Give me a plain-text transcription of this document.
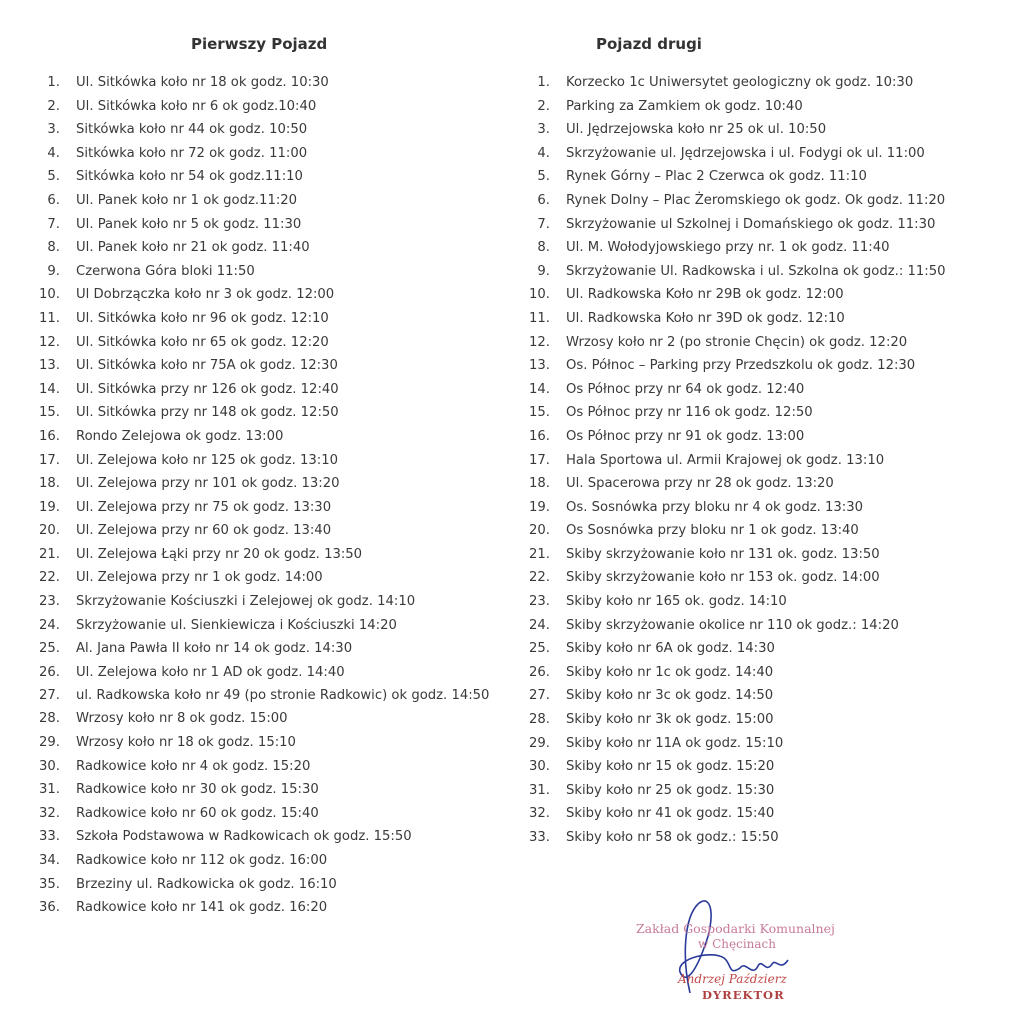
Pierwszy Pojazd
1. Ul. Sitkówka koło nr 18 ok godz. 10:30
2. Ul. Sitkówka koło nr 6 ok godz.10:40
3. Sitkówka koło nr 44 ok godz. 10:50
4. Sitkówka koło nr 72 ok godz. 11:00
5. Sitkówka koło nr 54 ok godz.11:10
6. Ul. Panek koło nr 1 ok godz.11:20
7. Ul. Panek koło nr 5 ok godz. 11:30
8. Ul. Panek koło nr 21 ok godz. 11:40
9. Czerwona Góra bloki 11:50
10. Ul Dobrzączka koło nr 3 ok godz. 12:00
11. Ul. Sitkówka koło nr 96 ok godz. 12:10
12. Ul. Sitkówka koło nr 65 ok godz. 12:20
13. Ul. Sitkówka koło nr 75A ok godz. 12:30
14. Ul. Sitkówka przy nr 126 ok godz. 12:40
15. Ul. Sitkówka przy nr 148 ok godz. 12:50
16. Rondo Zelejowa ok godz. 13:00
17. Ul. Zelejowa koło nr 125 ok godz. 13:10
18. Ul. Zelejowa przy nr 101 ok godz. 13:20
19. Ul. Zelejowa przy nr 75 ok godz. 13:30
20. Ul. Zelejowa przy nr 60 ok godz. 13:40
21. Ul. Zelejowa Łąki przy nr 20 ok godz. 13:50
22. Ul. Zelejowa przy nr 1 ok godz. 14:00
23. Skrzyżowanie Kościuszki i Zelejowej ok godz. 14:10
24. Skrzyżowanie ul. Sienkiewicza i Kościuszki 14:20
25. Al. Jana Pawła II koło nr 14 ok godz. 14:30
26. Ul. Zelejowa koło nr 1 AD ok godz. 14:40
27. ul. Radkowska koło nr 49 (po stronie Radkowic) ok godz. 14:50
28. Wrzosy koło nr 8 ok godz. 15:00
29. Wrzosy koło nr 18 ok godz. 15:10
30. Radkowice koło nr 4 ok godz. 15:20
31. Radkowice koło nr 30 ok godz. 15:30
32. Radkowice koło nr 60 ok godz. 15:40
33. Szkoła Podstawowa w Radkowicach ok godz. 15:50
34. Radkowice koło nr 112 ok godz. 16:00
35. Brzeziny ul. Radkowicka ok godz. 16:10
36. Radkowice koło nr 141 ok godz. 16:20
Pojazd drugi
1. Korzecko 1c Uniwersytet geologiczny ok godz. 10:30
2. Parking za Zamkiem ok godz. 10:40
3. Ul. Jędrzejowska koło nr 25 ok ul. 10:50
4. Skrzyżowanie ul. Jędrzejowska i ul. Fodygi ok ul. 11:00
5. Rynek Górny – Plac 2 Czerwca ok godz. 11:10
6. Rynek Dolny – Plac Żeromskiego ok godz. Ok godz. 11:20
7. Skrzyżowanie ul Szkolnej i Domańskiego ok godz. 11:30
8. Ul. M. Wołodyjowskiego przy nr. 1 ok godz. 11:40
9. Skrzyżowanie Ul. Radkowska i ul. Szkolna ok godz.: 11:50
10. Ul. Radkowska Koło nr 29B ok godz. 12:00
11. Ul. Radkowska Koło nr 39D ok godz. 12:10
12. Wrzosy koło nr 2 (po stronie Chęcin) ok godz. 12:20
13. Os. Północ – Parking przy Przedszkolu ok godz. 12:30
14. Os Północ przy nr 64 ok godz. 12:40
15. Os Północ przy nr 116 ok godz. 12:50
16. Os Północ przy nr 91 ok godz. 13:00
17. Hala Sportowa ul. Armii Krajowej ok godz. 13:10
18. Ul. Spacerowa przy nr 28 ok godz. 13:20
19. Os. Sosnówka przy bloku nr 4 ok godz. 13:30
20. Os Sosnówka przy bloku nr 1 ok godz. 13:40
21. Skiby skrzyżowanie koło nr 131 ok. godz. 13:50
22. Skiby skrzyżowanie koło nr 153 ok. godz. 14:00
23. Skiby koło nr 165 ok. godz. 14:10
24. Skiby skrzyżowanie okolice nr 110 ok godz.: 14:20
25. Skiby koło nr 6A ok godz. 14:30
26. Skiby koło nr 1c ok godz. 14:40
27. Skiby koło nr 3c ok godz. 14:50
28. Skiby koło nr 3k ok godz. 15:00
29. Skiby koło nr 11A ok godz. 15:10
30. Skiby koło nr 15 ok godz. 15:20
31. Skiby koło nr 25 ok godz. 15:30
32. Skiby koło nr 41 ok godz. 15:40
33. Skiby koło nr 58 ok godz.: 15:50
Zakład Gospodarki Komunalnej
w Chęcinach
Andrzej Paździerz
DYREKTOR
